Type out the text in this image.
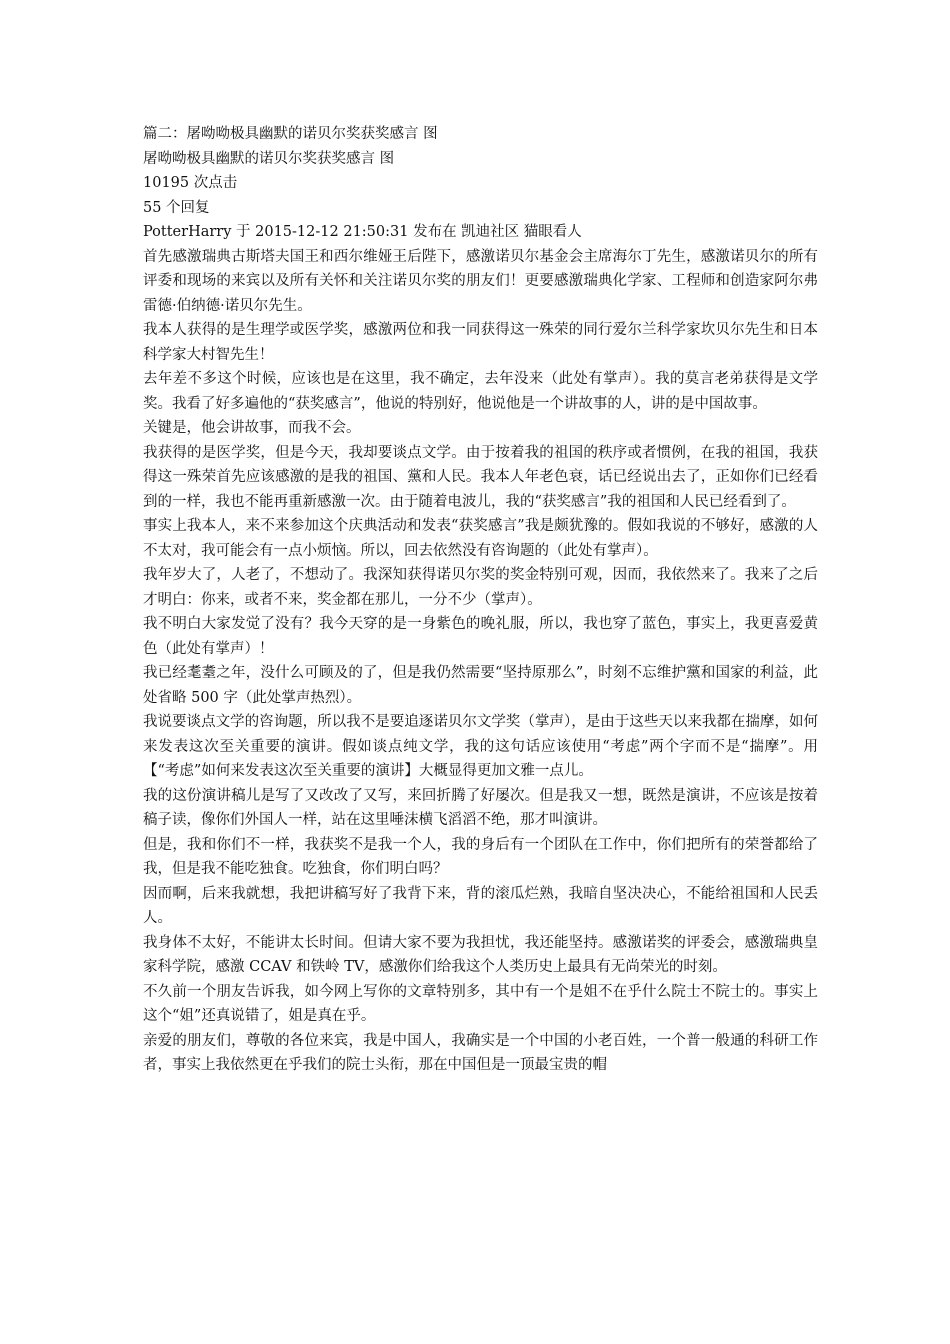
篇二：屠呦呦极具幽默的诺贝尔奖获奖感言 图

屠呦呦极具幽默的诺贝尔奖获奖感言 图

10195 次点击

55 个回复

PotterHarry 于 2015-12-12 21:50:31 发布在 凯迪社区 猫眼看人

首先感激瑞典古斯塔夫国王和西尔维娅王后陛下，感激诺贝尔基金会主席海尔丁先生，感激诺贝尔的所有评委和现场的来宾以及所有关怀和关注诺贝尔奖的朋友们！更要感激瑞典化学家、工程师和创造家阿尔弗雷德·伯纳德·诺贝尔先生。

我本人获得的是生理学或医学奖，感激两位和我一同获得这一殊荣的同行爱尔兰科学家坎贝尔先生和日本科学家大村智先生！

去年差不多这个时候，应该也是在这里，我不确定，去年没来（此处有掌声）。我的莫言老弟获得是文学奖。我看了好多遍他的“获奖感言”，他说的特别好，他说他是一个讲故事的人，讲的是中国故事。

关键是，他会讲故事，而我不会。

我获得的是医学奖，但是今天，我却要谈点文学。由于按着我的祖国的秩序或者惯例，在我的祖国，我获得这一殊荣首先应该感激的是我的祖国、黨和人民。我本人年老色衰，话已经说出去了，正如你们已经看到的一样，我也不能再重新感激一次。由于随着电波儿，我的“获奖感言”我的祖国和人民已经看到了。

事实上我本人，来不来参加这个庆典活动和发表“获奖感言”我是颇犹豫的。假如我说的不够好，感激的人不太对，我可能会有一点小烦恼。所以，回去依然没有咨询题的（此处有掌声）。

我年岁大了，人老了，不想动了。我深知获得诺贝尔奖的奖金特别可观，因而，我依然来了。我来了之后才明白：你来，或者不来，奖金都在那儿，一分不少（掌声）。

我不明白大家发觉了没有？我今天穿的是一身紫色的晚礼服，所以，我也穿了蓝色，事实上，我更喜爱黄色（此处有掌声）！

我已经耄耋之年，没什么可顾及的了，但是我仍然需要“坚持原那么”，时刻不忘维护黨和国家的利益，此处省略 500 字（此处掌声热烈）。

我说要谈点文学的咨询题，所以我不是要追逐诺贝尔文学奖（掌声），是由于这些天以来我都在揣摩，如何来发表这次至关重要的演讲。假如谈点纯文学，我的这句话应该使用“考虑”两个字而不是“揣摩”。用【“考虑”如何来发表这次至关重要的演讲】大概显得更加文雅一点儿。

我的这份演讲稿儿是写了又改改了又写，来回折腾了好屡次。但是我又一想，既然是演讲，不应该是按着稿子读，像你们外国人一样，站在这里唾沫横飞滔滔不绝，那才叫演讲。

但是，我和你们不一样，我获奖不是我一个人，我的身后有一个团队在工作中，你们把所有的荣誉都给了我，但是我不能吃独食。吃独食，你们明白吗？

因而啊，后来我就想，我把讲稿写好了我背下来，背的滚瓜烂熟，我暗自坚决决心，不能给祖国和人民丢人。

我身体不太好，不能讲太长时间。但请大家不要为我担忧，我还能坚持。感激诺奖的评委会，感激瑞典皇家科学院，感激 CCAV 和铁岭 TV，感激你们给我这个人类历史上最具有无尚荣光的时刻。

不久前一个朋友告诉我，如今网上写你的文章特别多，其中有一个是姐不在乎什么院士不院士的。事实上这个“姐”还真说错了，姐是真在乎。

亲爱的朋友们，尊敬的各位来宾，我是中国人，我确实是一个中国的小老百姓，一个普一般通的科研工作者，事实上我依然更在乎我们的院士头衔，那在中国但是一顶最宝贵的帽
